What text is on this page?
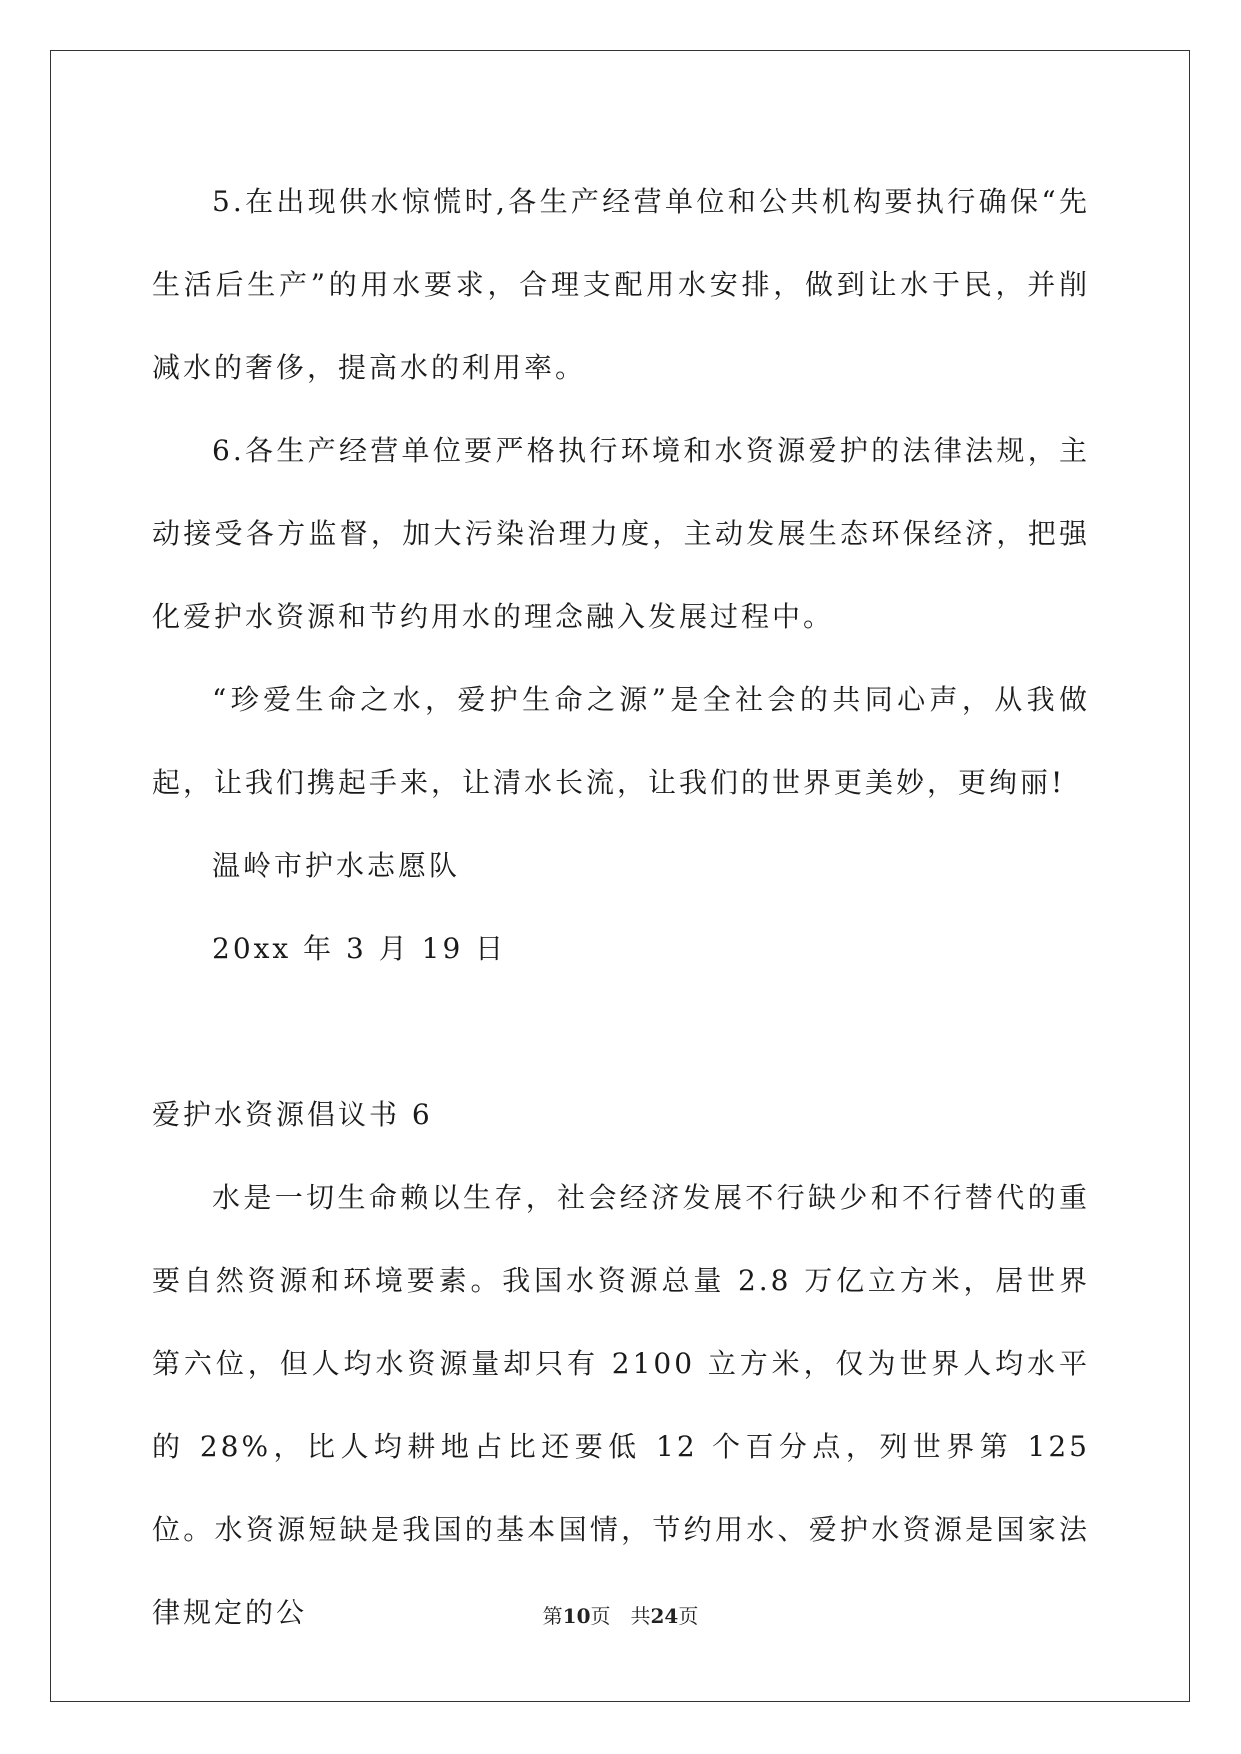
5.在出现供水惊慌时,各生产经营单位和公共机构要执行确保“先生活后生产”的用水要求，合理支配用水安排，做到让水于民，并削减水的奢侈，提高水的利用率。

6.各生产经营单位要严格执行环境和水资源爱护的法律法规，主动接受各方监督，加大污染治理力度，主动发展生态环保经济，把强化爱护水资源和节约用水的理念融入发展过程中。

“珍爱生命之水，爱护生命之源”是全社会的共同心声，从我做起，让我们携起手来，让清水长流，让我们的世界更美妙，更绚丽!

温岭市护水志愿队

20xx 年 3 月 19 日

爱护水资源倡议书 6

水是一切生命赖以生存，社会经济发展不行缺少和不行替代的重要自然资源和环境要素。我国水资源总量 2.8 万亿立方米，居世界第六位，但人均水资源量却只有 2100 立方米，仅为世界人均水平的 28%，比人均耕地占比还要低 12 个百分点，列世界第 125 位。水资源短缺是我国的基本国情，节约用水、爱护水资源是国家法律规定的公	第10页 共24页
